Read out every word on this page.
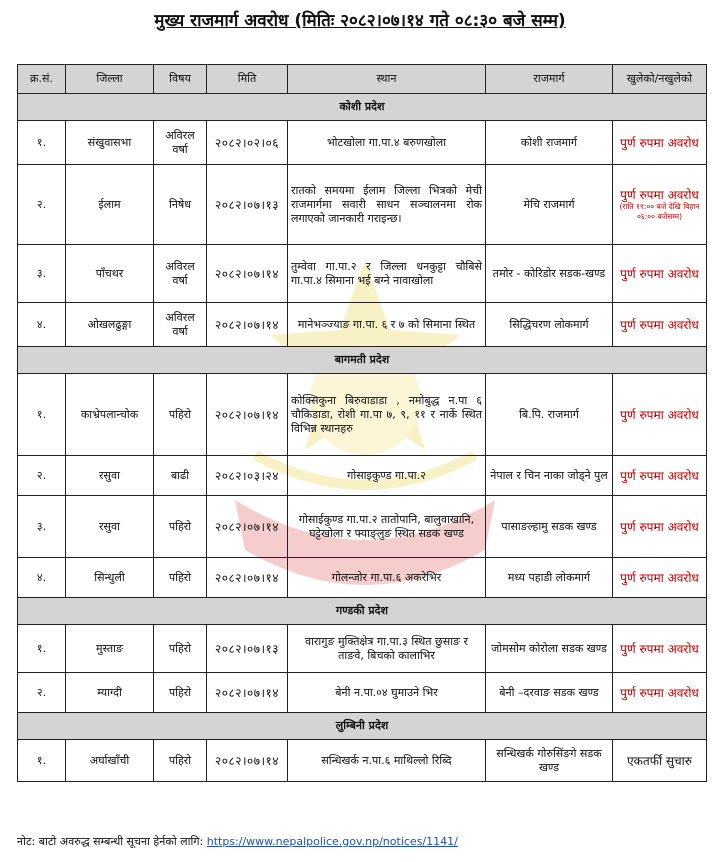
मुख्य राजमार्ग अवरोध (मितिः २०८२।०७।१४ गते ०८:३० बजे सम्म)
क्र.सं.	जिल्ला	विषय	मिति	स्थान	राजमार्ग	खुलेको/नखुलेको
कोशी प्रदेश						
१.	संखुवासभा	अविरल वर्षा	२०८२।०२।०६	भोटखोला गा.पा.४ बरुणखोला	कोशी राजमार्ग	पुर्ण रुपमा अवरोध
२.	ईलाम	निषेध	२०८२।०७।१३	रातको समयमा ईलाम जिल्ला भित्रको मेची राजमार्गमा सवारी साधन सञ्चालनमा रोक लगाएको जानकारी गराइन्छ।	मेचि राजमार्ग	पुर्ण रुपमा अवरोध
(राति १९:०० बजे देखि बिहान ०६:०० बजेसम्म)

३.	पाँचथर	अविरल वर्षा	२०८२।०७।१४	तुम्वेवा गा.पा.२ र जिल्ला धनकुट्टा चौबिसे गा.पा.४ सिमाना भई बग्ने नावाखोला	तमोर - कोरिडोर सडक-खण्ड	पुर्ण रुपमा अवरोध
४.	ओखलढुङ्गा	अविरल वर्षा	२०८२।०७।१४	मानेभञ्ज्याङ गा.पा. ६ र ७ को सिमाना स्थित	सिद्धिचरण लोकमार्ग	पुर्ण रुपमा अवरोध
बागमती प्रदेश						
१.	काभ्रेपलान्चोक	पहिरो	२०८२।०७।१४	कोक्सिकुना बिरुवाडाडा , नमोबुद्ध न.पा ६ चौकिडाडा, रोशी गा.पा ७, ९, ११ र नार्के स्थित विभिन्न स्थानहरु	बि.पि. राजमार्ग	पुर्ण रुपमा अवरोध
२.	रसुवा	बाढी	२०८२।०३।२४	गोसाइकुण्ड गा.पा.२	नेपाल र चिन नाका जोड्ने पुल	पुर्ण रुपमा अवरोध
३.	रसुवा	पहिरो	२०८२।०७।१४	गोसाईकुण्ड गा.पा.२ तातोपानि, बालुवाखानि, घट्टेखोला र फ्याङ्लुङ स्थित सडक खण्ड	पासाङल्हामु सडक खण्ड	पुर्ण रुपमा अवरोध
४.	सिन्धुली	पहिरो	२०८२।०७।१४	गोलन्जोर गा.पा.६ अकरेभिर	मध्य पहाडी लोकमार्ग	पुर्ण रुपमा अवरोध
गण्डकी प्रदेश						
१.	मुस्ताङ	पहिरो	२०८२।०७।१३	वारागुङ मुक्तिक्षेत्र गा.पा.३ स्थित छुसाङ र ताङवे, बिचको कालाभिर	जोमसोम कोरोला सडक खण्ड	पुर्ण रुपमा अवरोध
२.	म्याग्दी	पहिरो	२०८२।०७।१४	बेनी न.पा.०४ घुमाउने भिर	बेनी –दरवाङ सडक खण्ड	पुर्ण रुपमा अवरोध
लुम्बिनी प्रदेश						
१.	अर्घाखाँची	पहिरो	२०८२।०७।१४	सन्धिखर्क न.पा.६ माथिल्लो रिब्दि	सन्धिखर्क गोरुसिंङगे सडक खण्ड	एकतर्फी सुचारु
नोट: बाटो अवरुद्ध सम्बन्धी सूचना हेर्नको लागि: https://www.nepalpolice.gov.np/notices/1141/
